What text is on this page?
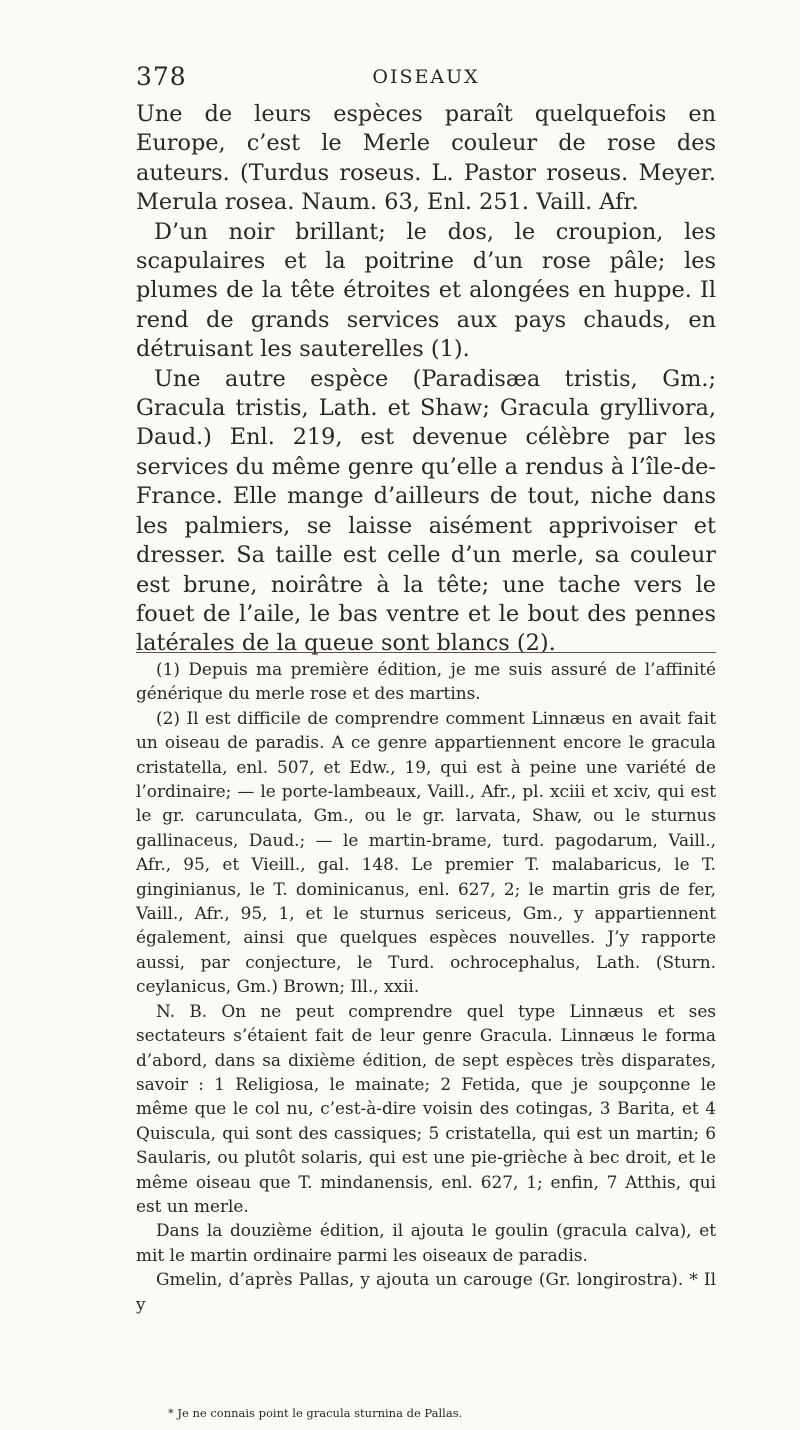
378	OISEAUX

Une de leurs espèces paraît quelquefois en Europe, c’est le Merle couleur de rose des auteurs. (Turdus roseus. L. Pastor roseus. Meyer. Merula rosea. Naum. 63, Enl. 251. Vaill. Afr.

D’un noir brillant; le dos, le croupion, les scapulaires et la poitrine d’un rose pâle; les plumes de la tête étroites et alongées en huppe. Il rend de grands services aux pays chauds, en détruisant les sauterelles (1).

Une autre espèce (Paradisæa tristis, Gm.; Gracula tristis, Lath. et Shaw; Gracula gryllivora, Daud.) Enl. 219, est devenue célèbre par les services du même genre qu’elle a rendus à l’île-de-France. Elle mange d’ailleurs de tout, niche dans les palmiers, se laisse aisément apprivoiser et dresser. Sa taille est celle d’un merle, sa couleur est brune, noirâtre à la tête; une tache vers le fouet de l’aile, le bas ventre et le bout des pennes latérales de la queue sont blancs (2).

(1) Depuis ma première édition, je me suis assuré de l’affinité générique du merle rose et des martins.

(2) Il est difficile de comprendre comment Linnæus en avait fait un oiseau de paradis. A ce genre appartiennent encore le gracula cristatella, enl. 507, et Edw., 19, qui est à peine une variété de l’ordinaire; — le porte-lambeaux, Vaill., Afr., pl. xciii et xciv, qui est le gr. carunculata, Gm., ou le gr. larvata, Shaw, ou le sturnus gallinaceus, Daud.; — le martin-brame, turd. pagodarum, Vaill., Afr., 95, et Vieill., gal. 148. Le premier T. malabaricus, le T. ginginianus, le T. dominicanus, enl. 627, 2; le martin gris de fer, Vaill., Afr., 95, 1, et le sturnus sericeus, Gm., y appartiennent également, ainsi que quelques espèces nouvelles. J’y rapporte aussi, par conjecture, le Turd. ochrocephalus, Lath. (Sturn. ceylanicus, Gm.) Brown; Ill., xxii.

N. B. On ne peut comprendre quel type Linnæus et ses sectateurs s’étaient fait de leur genre Gracula. Linnæus le forma d’abord, dans sa dixième édition, de sept espèces très disparates, savoir : 1 Religiosa, le mainate; 2 Fetida, que je soupçonne le même que le col nu, c’est-à-dire voisin des cotingas, 3 Barita, et 4 Quiscula, qui sont des cassiques; 5 cristatella, qui est un martin; 6 Saularis, ou plutôt solaris, qui est une pie-grièche à bec droit, et le même oiseau que T. mindanensis, enl. 627, 1; enfin, 7 Atthis, qui est un merle.

Dans la douzième édition, il ajouta le goulin (gracula calva), et mit le martin ordinaire parmi les oiseaux de paradis.

Gmelin, d’après Pallas, y ajouta un carouge (Gr. longirostra). * Il y

* Je ne connais point le gracula sturnina de Pallas.
